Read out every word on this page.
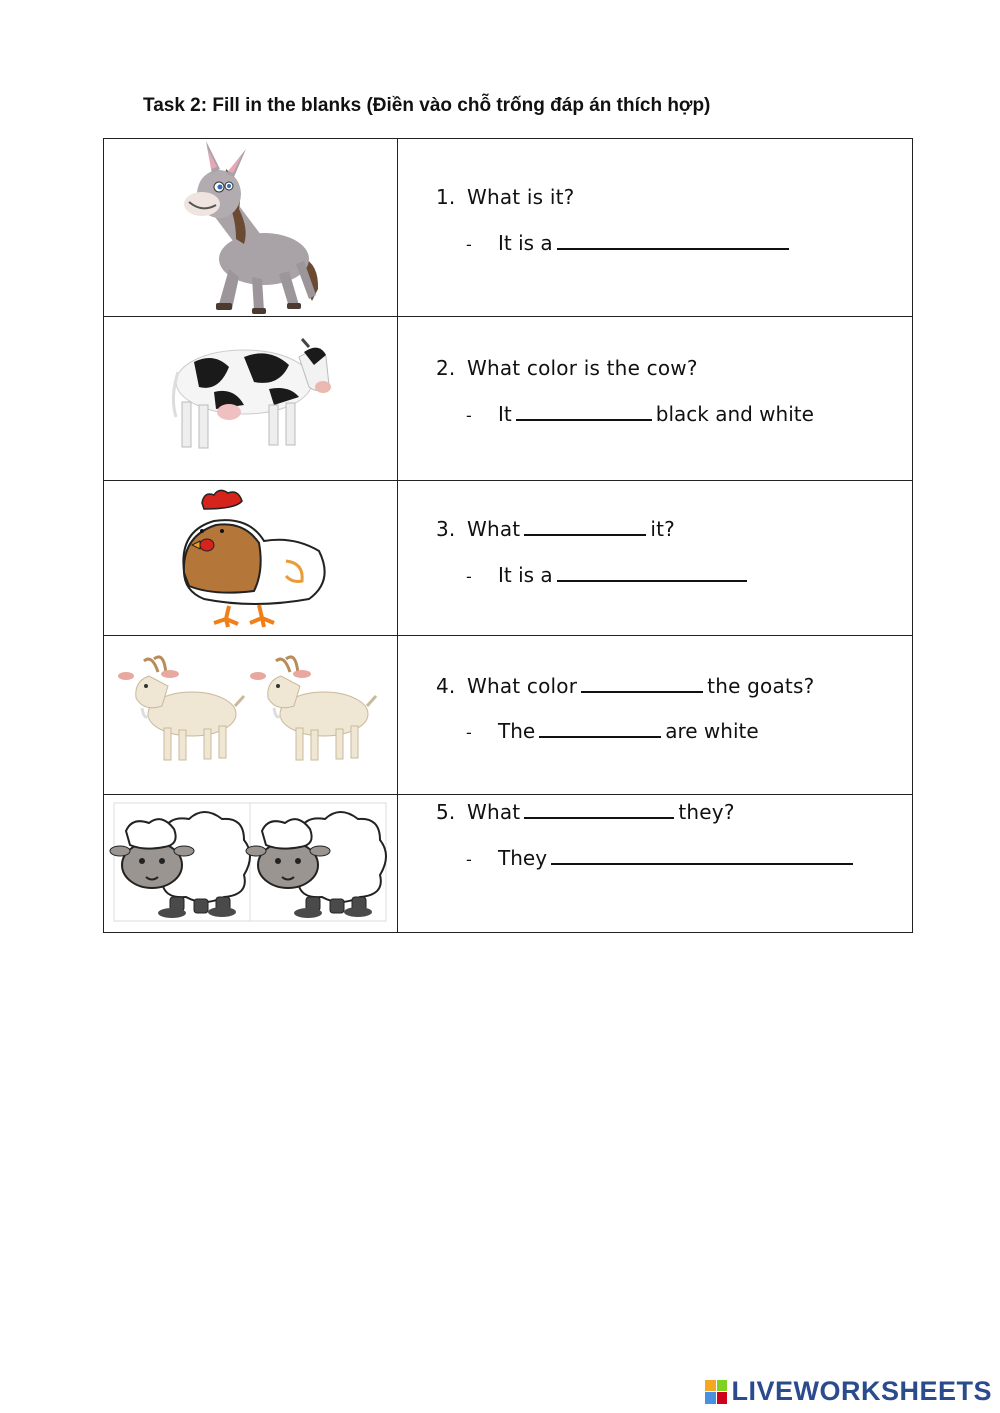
Task 2: Fill in the blanks (Điền vào chỗ trống đáp án thích hợp)

1. What is it?
- It is a

2. What color is the cow?
- It black and white

3. What it?
- It is a

4. What color the goats?
- The are white

5. What they?
- They
LIVEWORKSHEETS
